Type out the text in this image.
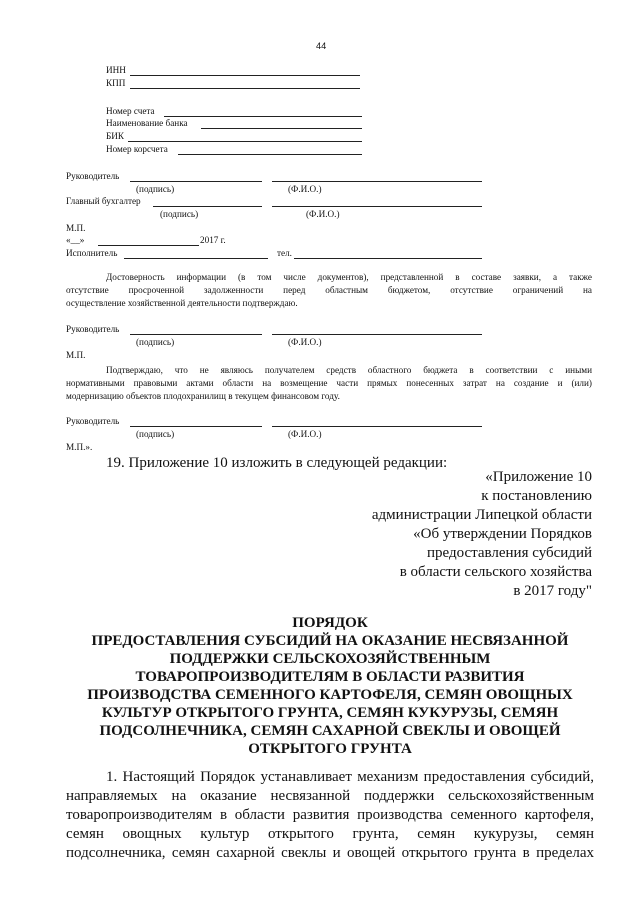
44
ИНН
КПП
Номер счета
Наименование банка
БИК
Номер корсчета
Руководитель
(подпись)	(Ф.И.О.)
Главный бухгалтер
(подпись)	(Ф.И.О.)
М.П.
«__»	2017 г.
Исполнитель	тел.
Достоверность информации (в том числе документов), представленной в составе заявки, а также
отсутствие просроченной задолженности перед областным бюджетом, отсутствие ограничений на
осуществление хозяйственной деятельности подтверждаю.
Руководитель
(подпись)	(Ф.И.О.)
М.П.
Подтверждаю, что не являюсь получателем средств областного бюджета в соответствии с иными
нормативными правовыми актами области на возмещение части прямых понесенных затрат на создание и (или)
модернизацию объектов плодохранилищ в текущем финансовом году.
Руководитель
(подпись)	(Ф.И.О.)
М.П.».
19. Приложение 10 изложить в следующей редакции:
«Приложение 10
к постановлению
администрации Липецкой области
«Об утверждении Порядков
предоставления субсидий
в области сельского хозяйства
в 2017 году"
ПОРЯДОК
ПРЕДОСТАВЛЕНИЯ СУБСИДИЙ НА ОКАЗАНИЕ НЕСВЯЗАННОЙ
ПОДДЕРЖКИ СЕЛЬСКОХОЗЯЙСТВЕННЫМ
ТОВАРОПРОИЗВОДИТЕЛЯМ В ОБЛАСТИ РАЗВИТИЯ
ПРОИЗВОДСТВА СЕМЕННОГО КАРТОФЕЛЯ, СЕМЯН ОВОЩНЫХ
КУЛЬТУР ОТКРЫТОГО ГРУНТА, СЕМЯН КУКУРУЗЫ, СЕМЯН
ПОДСОЛНЕЧНИКА, СЕМЯН САХАРНОЙ СВЕКЛЫ И ОВОЩЕЙ
ОТКРЫТОГО ГРУНТА
1. Настоящий Порядок устанавливает механизм предоставления субсидий,
направляемых на оказание несвязанной поддержки сельскохозяйственным
товаропроизводителям в области развития производства семенного картофеля,
семян овощных культур открытого грунта, семян кукурузы, семян
подсолнечника, семян сахарной свеклы и овощей открытого грунта в пределах
